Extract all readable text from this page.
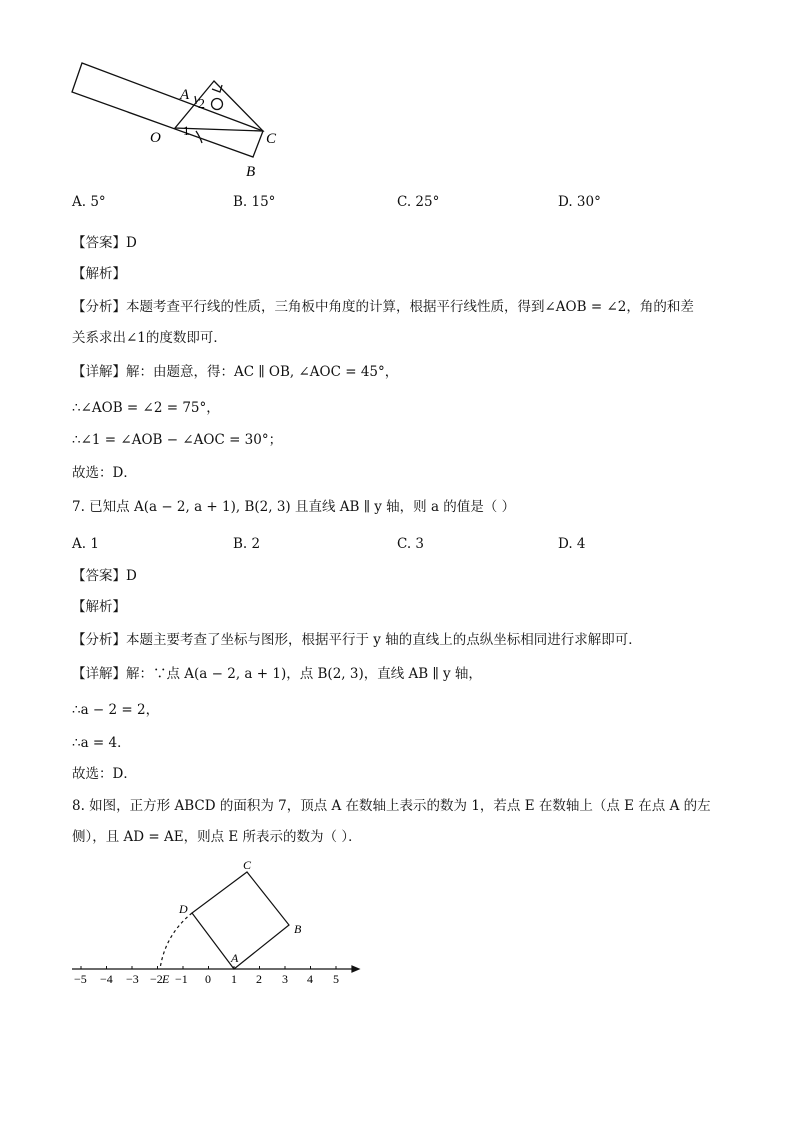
A
2
1
O	C
B
A. 5°	B. 15°	C. 25°	D. 30°
【答案】D
【解析】
【分析】本题考查平行线的性质，三角板中角度的计算，根据平行线性质，得到∠AOB = ∠2，角的和差
关系求出∠1的度数即可．
【详解】解：由题意，得：AC ∥ OB, ∠AOC = 45°，
∴∠AOB = ∠2 = 75°，
∴∠1 = ∠AOB − ∠AOC = 30°；
故选：D．
7. 已知点 A(a − 2, a + 1), B(2, 3) 且直线 AB ∥ y 轴，则 a 的值是（ ）
A. 1	B. 2	C. 3	D. 4
【答案】D
【解析】
【分析】本题主要考查了坐标与图形，根据平行于 y 轴的直线上的点纵坐标相同进行求解即可．
【详解】解：∵点 A(a − 2, a + 1)，点 B(2, 3)，直线 AB ∥ y 轴，
∴a − 2 = 2，
∴a = 4．
故选：D．
8. 如图，正方形 ABCD 的面积为 7，顶点 A 在数轴上表示的数为 1，若点 E 在数轴上（点 E 在点 A 的左
侧），且 AD = AE，则点 E 所表示的数为（ ）．
−5 −4 −3 −2 −1 0 1 2 3 4 5
E
A
B
C
D
